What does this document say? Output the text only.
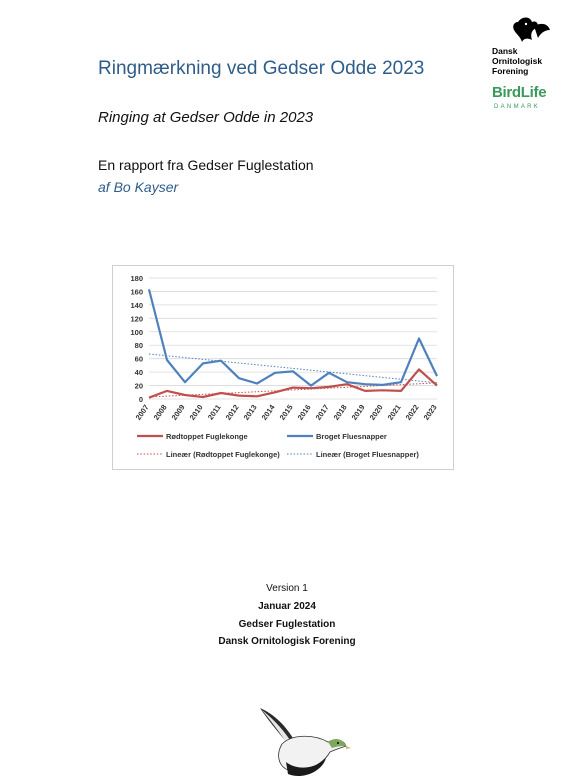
Ringmærkning ved Gedser Odde 2023
Ringing at Gedser Odde in 2023
En rapport fra Gedser Fuglestation
af Bo Kayser
Dansk
Ornitologisk
Forening
BirdLife
DANMARK
0
20
40
60
80
100
120
140
160
180
2007 2008 2009 2010 2011 2012 2013 2014 2015 2016 2017 2018 2019 2020 2021 2022 2023
Rødtoppet Fuglekonge	Broget Fluesnapper
Lineær (Rødtoppet Fuglekonge)	Lineær (Broget Fluesnapper)
Version 1
Januar 2024
Gedser Fuglestation
Dansk Ornitologisk Forening
